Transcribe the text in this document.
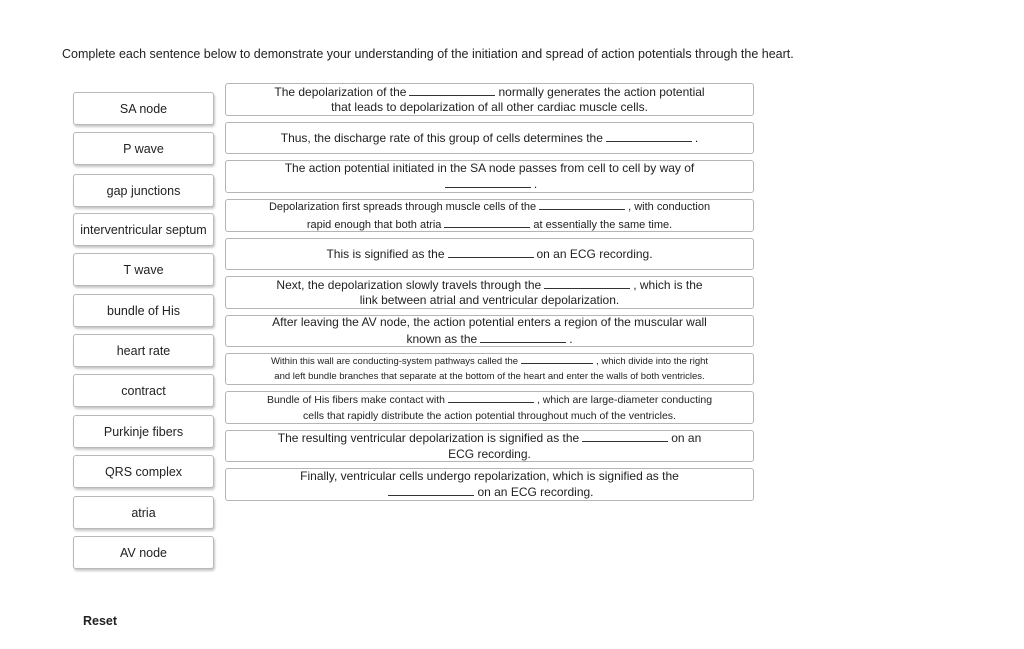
Complete each sentence below to demonstrate your understanding of the initiation and spread of action potentials through the heart.
SA node
P wave
gap junctions
interventricular septum
T wave
bundle of His
heart rate
contract
Purkinje fibers
QRS complex
atria
AV node
The depolarization of the	normally generates the action potential
that leads to depolarization of all other cardiac muscle cells.
Thus, the discharge rate of this group of cells determines the	.
The action potential initiated in the SA node passes from cell to cell by way of
.
Depolarization first spreads through muscle cells of the	, with conduction
rapid enough that both atria	at essentially the same time.
This is signified as the	on an ECG recording.
Next, the depolarization slowly travels through the	, which is the
link between atrial and ventricular depolarization.
After leaving the AV node, the action potential enters a region of the muscular wall
known as the	.
Within this wall are conducting-system pathways called the	, which divide into the right
and left bundle branches that separate at the bottom of the heart and enter the walls of both ventricles.
Bundle of His fibers make contact with	, which are large-diameter conducting
cells that rapidly distribute the action potential throughout much of the ventricles.
The resulting ventricular depolarization is signified as the	on an
ECG recording.
Finally, ventricular cells undergo repolarization, which is signified as the
on an ECG recording.
Reset
